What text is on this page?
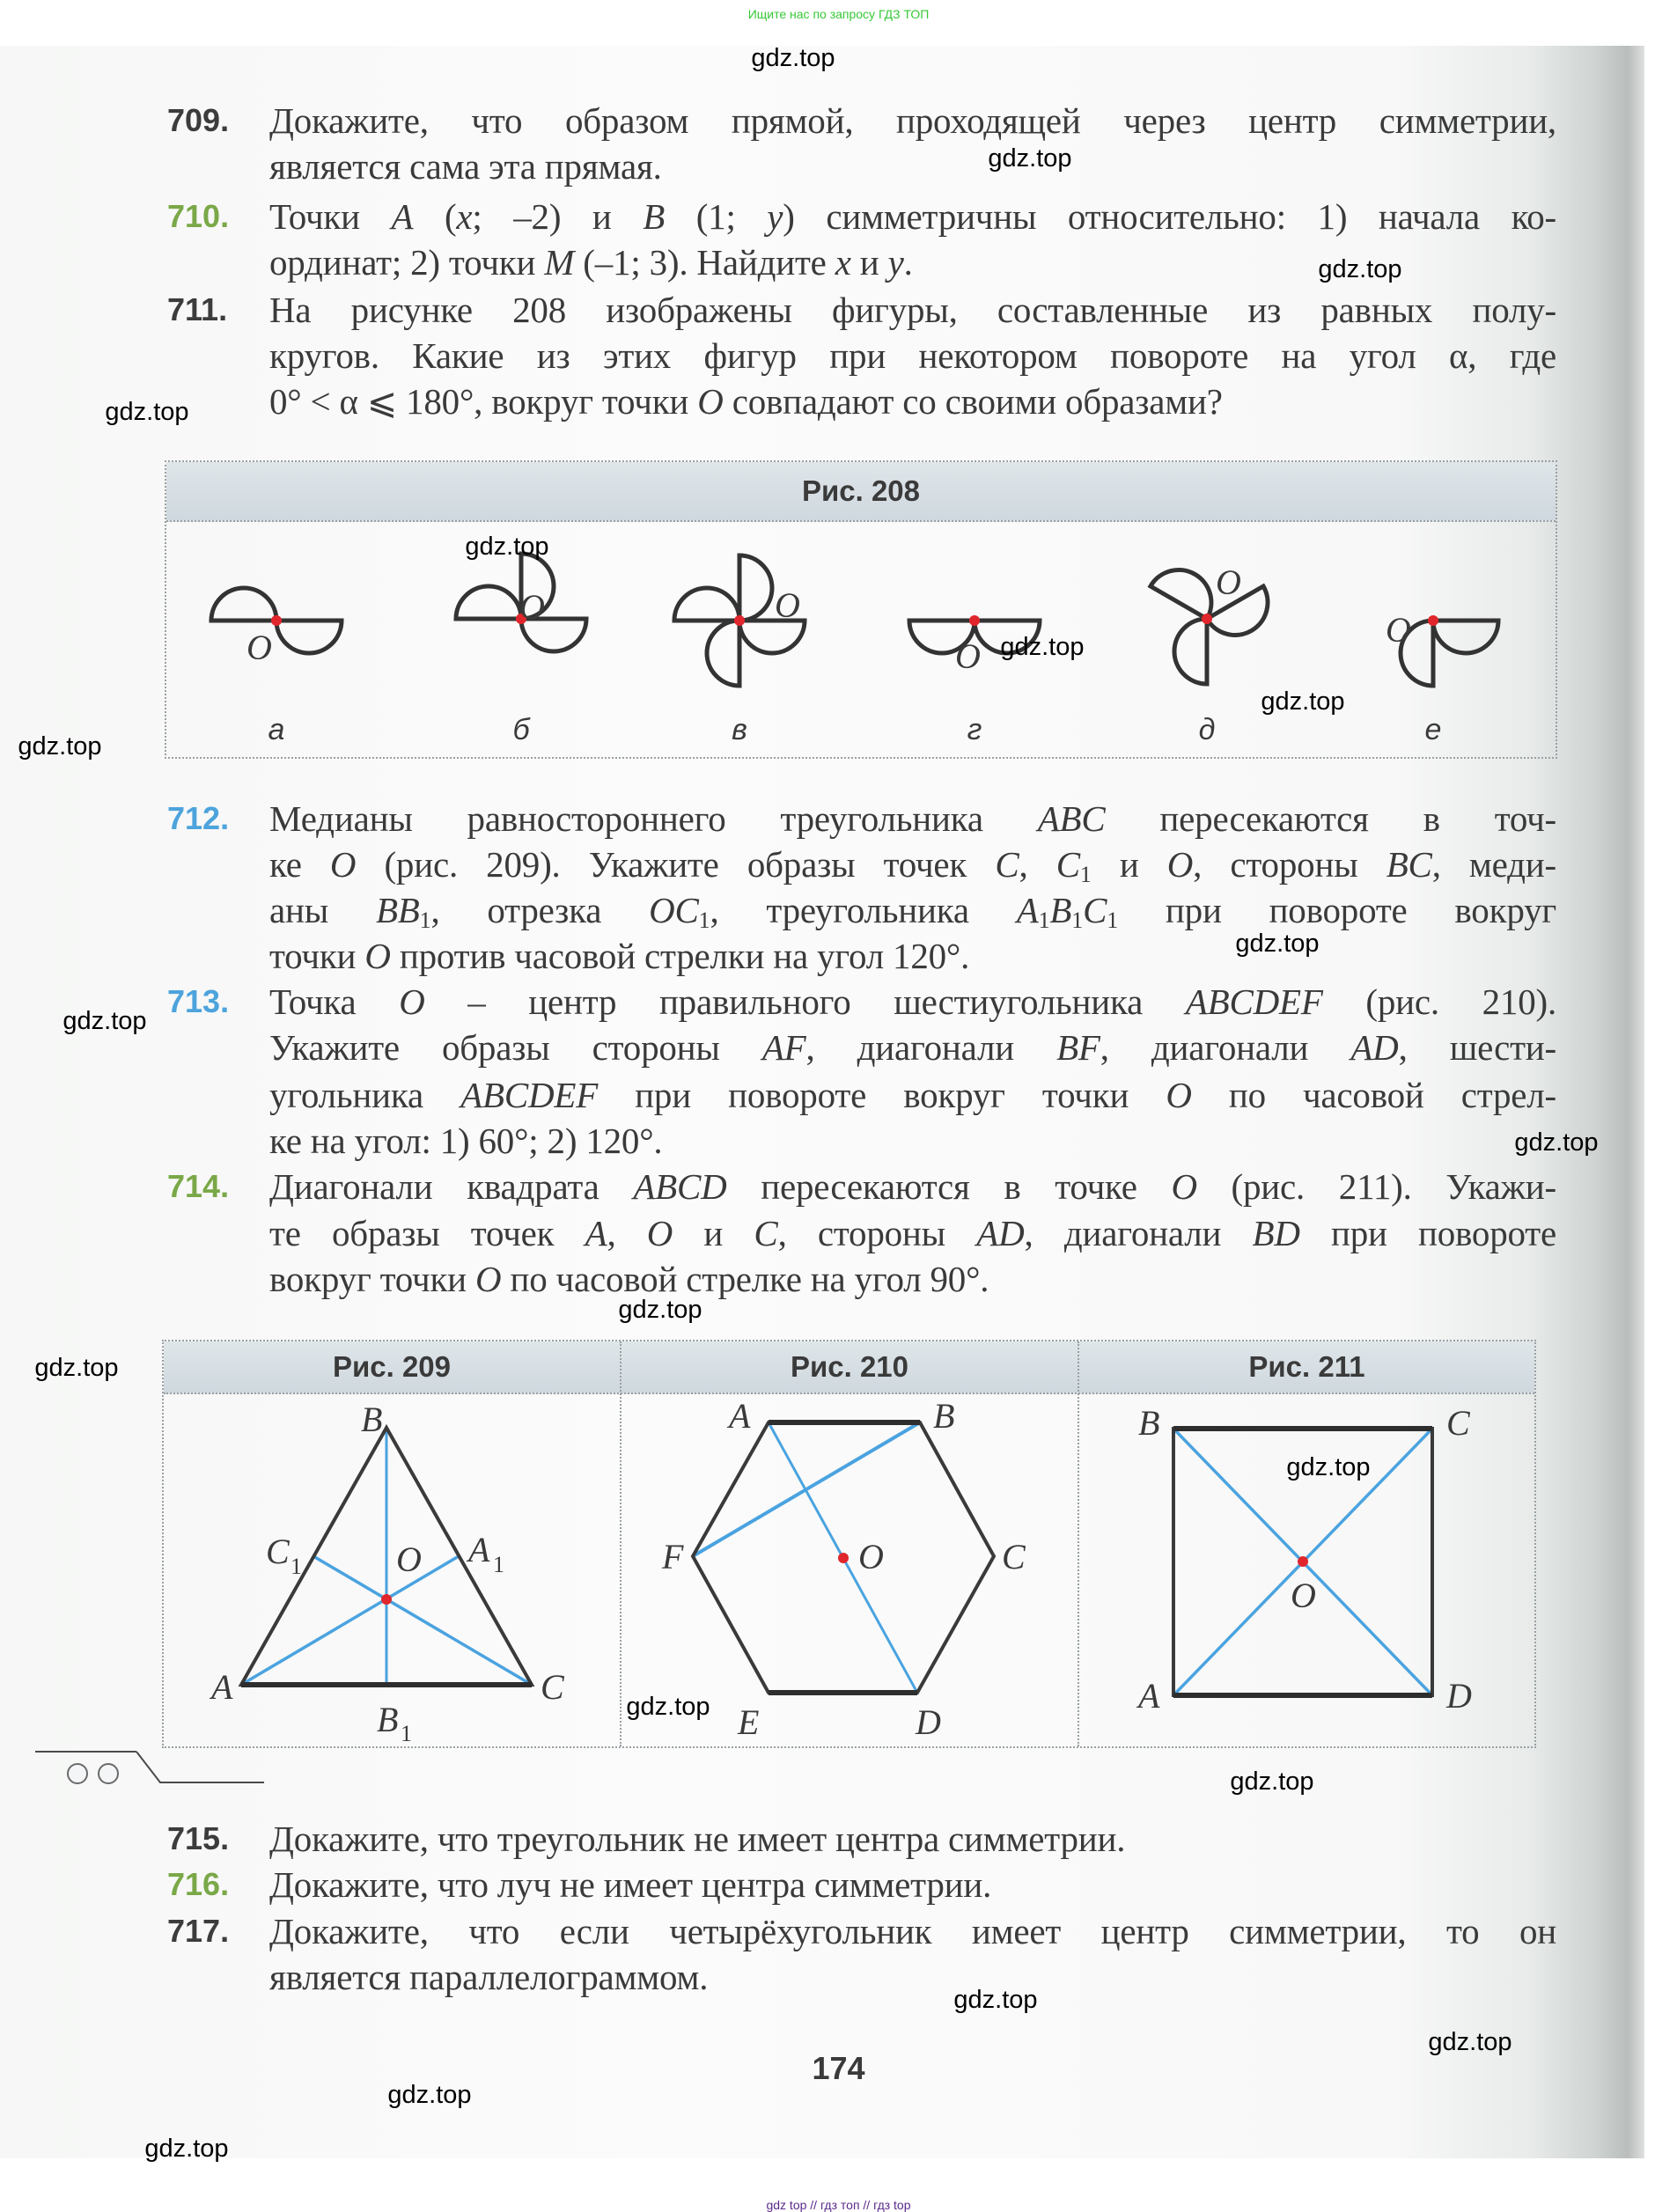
Ищите нас по запросу ГДЗ ТОП
709. Докажите, что образом прямой, проходящей через центр симметрии,
является сама эта прямая.
710. Точки A (x; –2) и B (1; y) симметричны относительно: 1) начала ко-
ординат; 2) точки M (–1; 3). Найдите x и y.
711. На рисунке 208 изображены фигуры, составленные из равных полу-
кругов. Какие из этих фигур при некотором повороте на угол α, где
0° < α ⩽ 180°, вокруг точки O совпадают со своими образами?
Рис. 208
O
а
O
б
O
в
O
г
O
д
O
е
712. Медианы равностороннего треугольника ABC пересекаются в точ-
ке O (рис. 209). Укажите образы точек C, $C_1$ и O, стороны BC, меди-
аны $BB_1$, отрезка $OC_1$, треугольника $A_1B_1C_1$ при повороте вокруг
точки O против часовой стрелки на угол 120°.
713. Точка O – центр правильного шестиугольника ABCDEF (рис. 210).
Укажите образы стороны AF, диагонали BF, диагонали AD, шести-
угольника ABCDEF при повороте вокруг точки O по часовой стрел-
ке на угол: 1) 60°; 2) 120°.
714. Диагонали квадрата ABCD пересекаются в точке O (рис. 211). Укажи-
те образы точек A, O и C, стороны AD, диагонали BD при повороте
вокруг точки O по часовой стрелке на угол 90°.
Рис. 209	Рис. 210	Рис. 211
B
A	C
C 1	A 1
O
B 1
A	B
C
D
E
F	O
B	C
A	D
O
715. Докажите, что треугольник не имеет центра симметрии.
716. Докажите, что луч не имеет центра симметрии.
717. Докажите, что если четырёхугольник имеет центр симметрии, то он
является параллелограммом.
174
gdz.top
gdz.top
gdz.top
gdz.top
gdz.top
gdz.top
gdz.top
gdz.top
gdz.top
gdz.top
gdz.top
gdz.top
gdz.top
gdz.top
gdz.top
gdz.top
gdz.top
gdz.top
gdz.top
gdz.top
gdz top // гдз топ // гдз top
